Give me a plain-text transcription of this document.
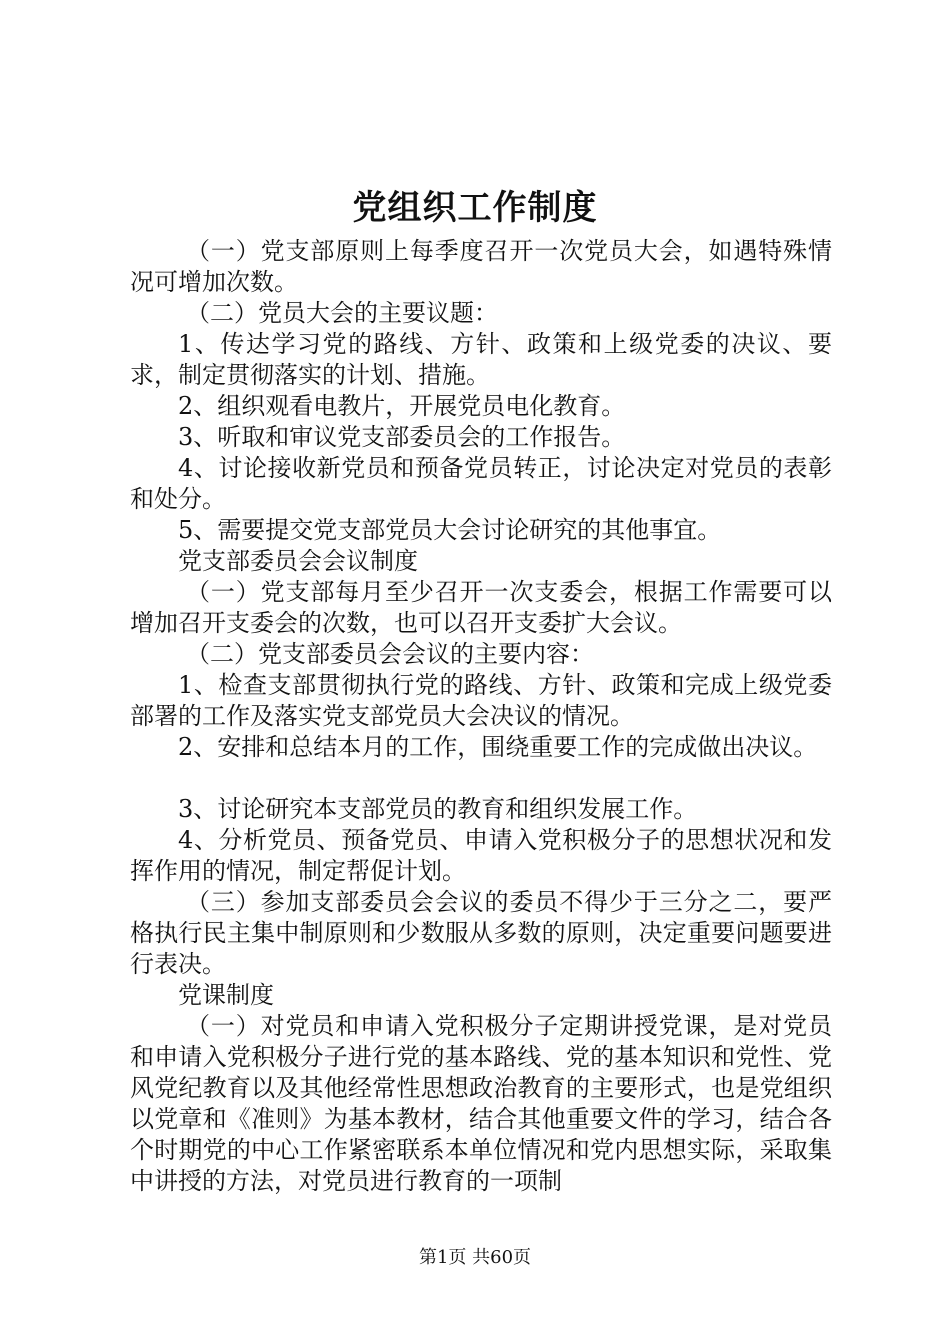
党组织工作制度

（一）党支部原则上每季度召开一次党员大会，如遇特殊情况可增加次数。

（二）党员大会的主要议题：

1、传达学习党的路线、方针、政策和上级党委的决议、要求，制定贯彻落实的计划、措施。

2、组织观看电教片，开展党员电化教育。

3、听取和审议党支部委员会的工作报告。

4、讨论接收新党员和预备党员转正，讨论决定对党员的表彰和处分。

5、需要提交党支部党员大会讨论研究的其他事宜。

党支部委员会会议制度

（一）党支部每月至少召开一次支委会，根据工作需要可以增加召开支委会的次数，也可以召开支委扩大会议。

（二）党支部委员会会议的主要内容：

1、检查支部贯彻执行党的路线、方针、政策和完成上级党委部署的工作及落实党支部党员大会决议的情况。

2、安排和总结本月的工作，围绕重要工作的完成做出决议。

3、讨论研究本支部党员的教育和组织发展工作。

4、分析党员、预备党员、申请入党积极分子的思想状况和发挥作用的情况，制定帮促计划。

（三）参加支部委员会会议的委员不得少于三分之二，要严格执行民主集中制原则和少数服从多数的原则，决定重要问题要进行表决。

党课制度

（一）对党员和申请入党积极分子定期讲授党课，是对党员和申请入党积极分子进行党的基本路线、党的基本知识和党性、党风党纪教育以及其他经常性思想政治教育的主要形式，也是党组织以党章和《准则》为基本教材，结合其他重要文件的学习，结合各个时期党的中心工作紧密联系本单位情况和党内思想实际，采取集中讲授的方法，对党员进行教育的一项制

第1页 共60页
